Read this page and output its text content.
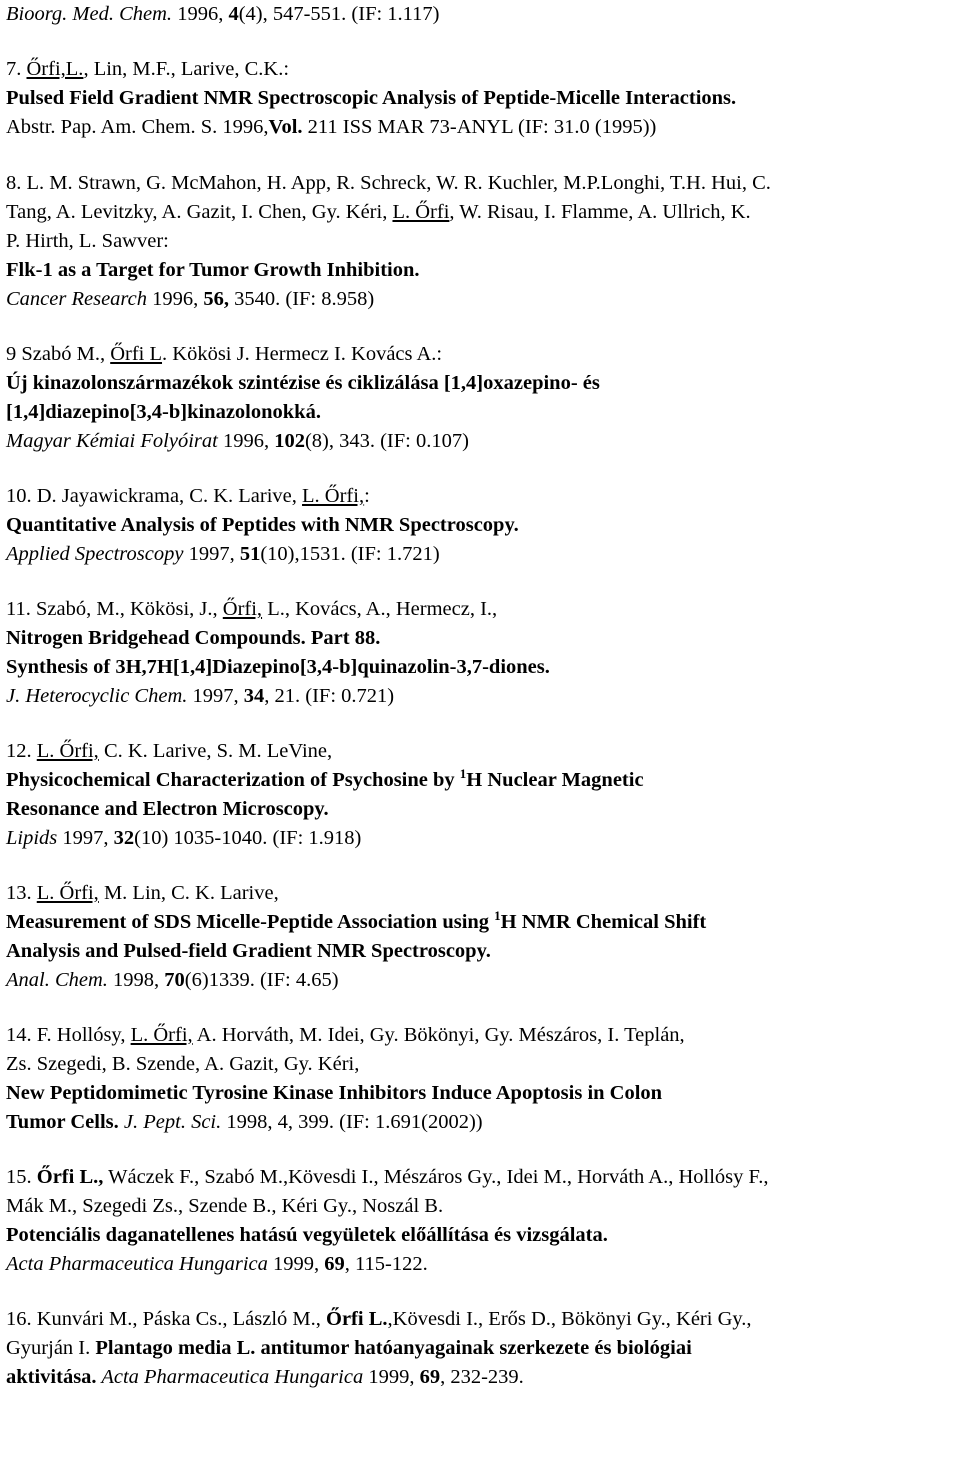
Bioorg. Med. Chem. 1996, 4(4), 547-551. (IF: 1.117)
7. Őrfi,L., Lin, M.F., Larive, C.K.:
Pulsed Field Gradient NMR Spectroscopic Analysis of Peptide-Micelle Interactions.
Abstr. Pap. Am. Chem. S. 1996,Vol. 211 ISS MAR 73-ANYL (IF: 31.0 (1995))
8. L. M. Strawn, G. McMahon, H. App, R. Schreck, W. R. Kuchler, M.P.Longhi, T.H. Hui, C.
Tang, A. Levitzky, A. Gazit, I. Chen, Gy. Kéri, L. Őrfi, W. Risau, I. Flamme, A. Ullrich, K.
P. Hirth, L. Sawver:
Flk-1 as a Target for Tumor Growth Inhibition.
Cancer Research 1996, 56, 3540. (IF: 8.958)
9 Szabó M., Őrfi L. Kökösi J. Hermecz I. Kovács A.:
Új kinazolonszármazékok szintézise és ciklizálása [1,4]oxazepino- és
[1,4]diazepino[3,4-b]kinazolonokká.
Magyar Kémiai Folyóirat 1996, 102(8), 343. (IF: 0.107)
10. D. Jayawickrama, C. K. Larive, L. Őrfi,:
Quantitative Analysis of Peptides with NMR Spectroscopy.
Applied Spectroscopy 1997, 51(10),1531. (IF: 1.721)
11. Szabó, M., Kökösi, J., Őrfi, L., Kovács, A., Hermecz, I.,
Nitrogen Bridgehead Compounds. Part 88.
Synthesis of 3H,7H[1,4]Diazepino[3,4-b]quinazolin-3,7-diones.
J. Heterocyclic Chem. 1997, 34, 21. (IF: 0.721)
12. L. Őrfi, C. K. Larive, S. M. LeVine,
Physicochemical Characterization of Psychosine by $^1$H Nuclear Magnetic
Resonance and Electron Microscopy.
Lipids 1997, 32(10) 1035-1040. (IF: 1.918)
13. L. Őrfi, M. Lin, C. K. Larive,
Measurement of SDS Micelle-Peptide Association using $^1$H NMR Chemical Shift
Analysis and Pulsed-field Gradient NMR Spectroscopy.
Anal. Chem. 1998, 70(6)1339. (IF: 4.65)
14. F. Hollósy, L. Őrfi, A. Horváth, M. Idei, Gy. Bökönyi, Gy. Mészáros, I. Teplán,
Zs. Szegedi, B. Szende, A. Gazit, Gy. Kéri,
New Peptidomimetic Tyrosine Kinase Inhibitors Induce Apoptosis in Colon
Tumor Cells. J. Pept. Sci. 1998, 4, 399. (IF: 1.691(2002))
15. Őrfi L., Wáczek F., Szabó M.,Kövesdi I., Mészáros Gy., Idei M., Horváth A., Hollósy F.,
Mák M., Szegedi Zs., Szende B., Kéri Gy., Noszál B.
Potenciális daganatellenes hatású vegyületek előállítása és vizsgálata.
Acta Pharmaceutica Hungarica 1999, 69, 115-122.
16. Kunvári M., Páska Cs., László M., Őrfi L.,Kövesdi I., Erős D., Bökönyi Gy., Kéri Gy.,
Gyurján I. Plantago media L. antitumor hatóanyagainak szerkezete és biológiai
aktivitása. Acta Pharmaceutica Hungarica 1999, 69, 232-239.
